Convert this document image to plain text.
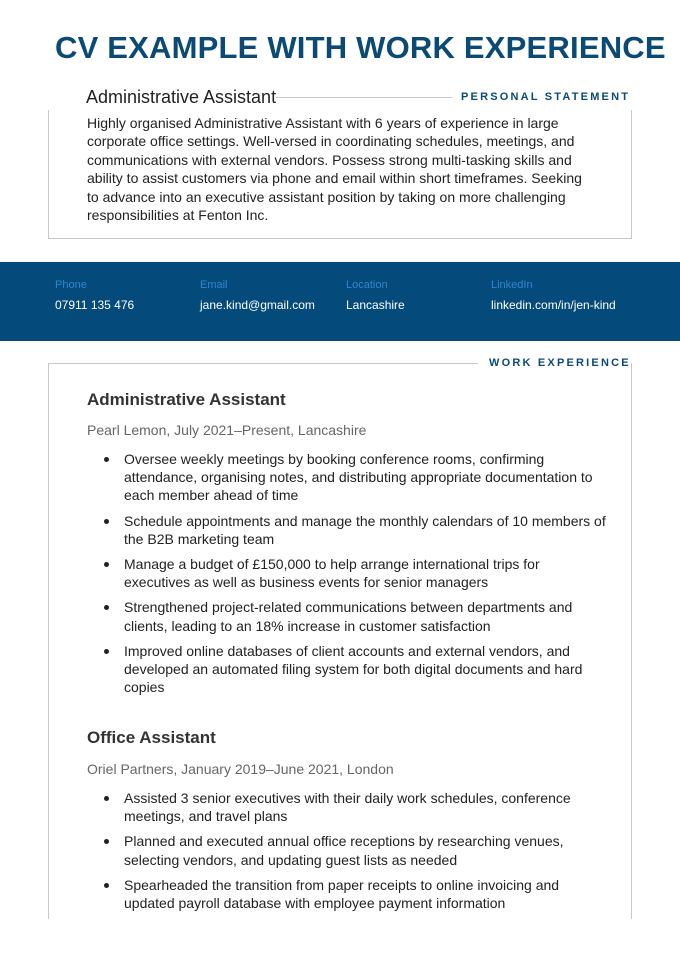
CV EXAMPLE WITH WORK EXPERIENCE
Administrative Assistant	PERSONAL STATEMENT

Highly organised Administrative Assistant with 6 years of experience in large corporate office settings. Well-versed in coordinating schedules, meetings, and communications with external vendors. Possess strong multi-tasking skills and ability to assist customers via phone and email within short timeframes. Seeking to advance into an executive assistant position by taking on more challenging responsibilities at Fenton Inc.

Phone
07911 135 476
Email
jane.kind@gmail.com
Location
Lancashire
LinkedIn
linkedin.com/in/jen-kind
WORK EXPERIENCE
Administrative Assistant
Pearl Lemon, July 2021–Present, Lancashire
Oversee weekly meetings by booking conference rooms, confirming attendance, organising notes, and distributing appropriate documentation to each member ahead of time
Schedule appointments and manage the monthly calendars of 10 members of the B2B marketing team
Manage a budget of £150,000 to help arrange international trips for executives as well as business events for senior managers
Strengthened project-related communications between departments and clients, leading to an 18% increase in customer satisfaction
Improved online databases of client accounts and external vendors, and developed an automated filing system for both digital documents and hard copies
Office Assistant
Oriel Partners, January 2019–June 2021, London
Assisted 3 senior executives with their daily work schedules, conference meetings, and travel plans
Planned and executed annual office receptions by researching venues, selecting vendors, and updating guest lists as needed
Spearheaded the transition from paper receipts to online invoicing and updated payroll database with employee payment information
